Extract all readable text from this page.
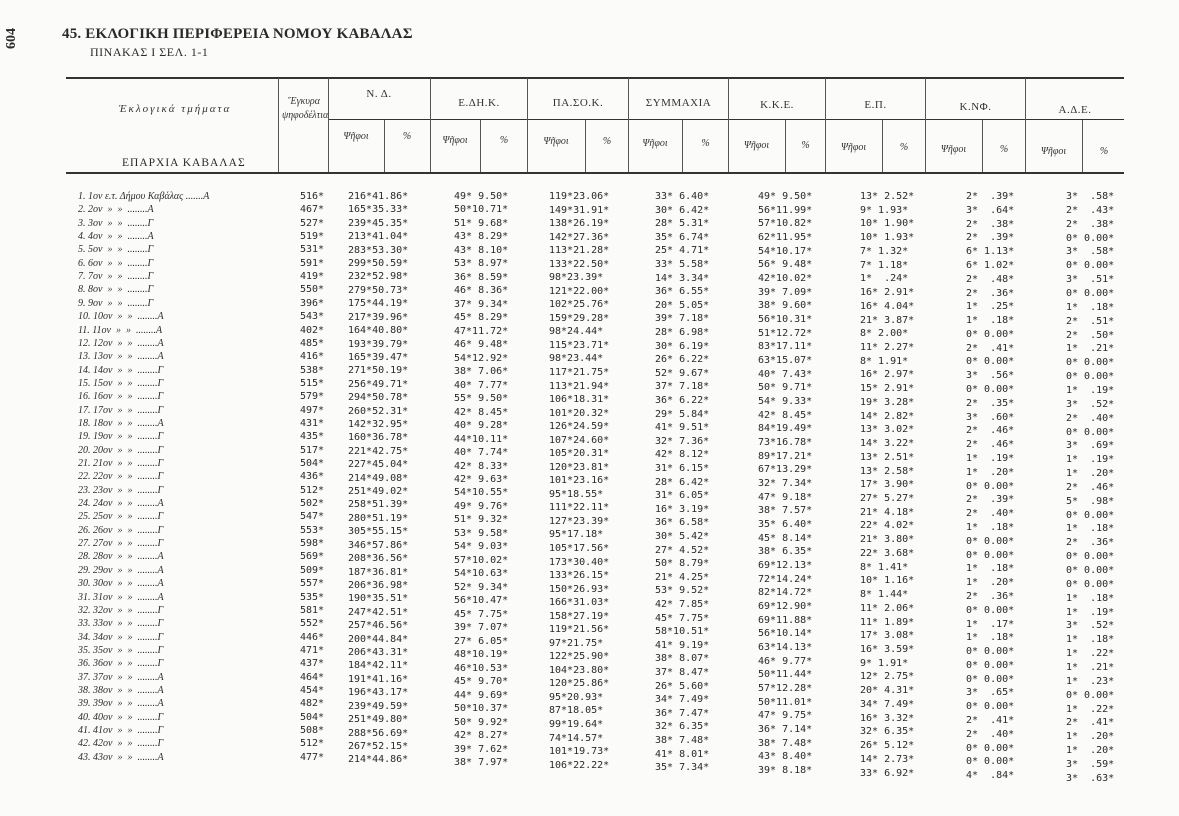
604	45. ΕΚΛΟΓΙΚΗ ΠΕΡΙΦΕΡΕΙΑ ΝΟΜΟΥ ΚΑΒΑΛΑΣ
ΠΙΝΑΚΑΣ Ι ΣΕΛ. 1-1
Ἐκλογικά τμήματα
Ἔγκυρα ψηφοδέλτια
Ν. Δ.
Ε.ΔΗ.Κ.	ΠΑ.ΣΟ.Κ.	ΣΥΜΜΑΧΙΑ	Κ.Κ.Ε.	Ε.Π.	Κ.ΝΦ.	Α.Δ.Ε.
Ψῆφοι	%	Ψῆφοι	%	Ψῆφοι	%	Ψῆφοι	%	Ψῆφοι	%	Ψῆφοι	%	Ψῆφοι	%	Ψῆφοι	%
ΕΠΑΡΧΙΑ ΚΑΒΑΛΑΣ
1. 1ον ε.τ. Δήμου Καβάλας .......Α	516* 216*41.86*	49* 9.50*	119*23.06*	33* 6.40*	49* 9.50*	13* 2.52*	2*  .39*	3*  .58*
2. 2ον  »  »  ........Α	467* 165*35.33*	50*10.71*	149*31.91*	30* 6.42*	56*11.99*	9* 1.93*	3*  .64*	2*  .43*
3. 3ον  »  »  ........Γ	527* 239*45.35*	51* 9.68*	138*26.19*	28* 5.31*	57*10.82*	10* 1.90*	2*  .38*	2*  .38*
4. 4ον  »  »  ........Α	519* 213*41.04*	43* 8.29*	142*27.36*	35* 6.74*	62*11.95*	10* 1.93*	2*  .39*	0* 0.00*
5. 5ον  »  »  ........Γ	531* 283*53.30*	43* 8.10*	113*21.28*	25* 4.71*	54*10.17*	7* 1.32*	6* 1.13*	3*  .58*
6. 6ον  »  »  ........Γ	591* 299*50.59*	53* 8.97*	133*22.50*	33* 5.58*	56* 9.48*	7* 1.18*	6* 1.02*	0* 0.00*
7. 7ον  »  »  ........Γ	419* 232*52.98*	36* 8.59*	98*23.39*	14* 3.34*	42*10.02*	1*  .24*	2*  .48*	3*  .51*
8. 8ον  »  »  ........Γ	550* 279*50.73*	46* 8.36*	121*22.00*	36* 6.55*	39* 7.09*	16* 2.91*	2*  .36*	0* 0.00*
9. 9ον  »  »  ........Γ	396* 175*44.19*	37* 9.34*	102*25.76*	20* 5.05*	38* 9.60*	16* 4.04*	1*  .25*	1*  .18*
10. 10ον  »  »  ........Α	543* 217*39.96*	45* 8.29*	159*29.28*	39* 7.18*	56*10.31*	21* 3.87*	1*  .18*	2*  .51*
11. 11ον  »  »  ........Α	402* 164*40.80*	47*11.72*	98*24.44*	28* 6.98*	51*12.72*	8* 2.00*	0* 0.00*	2*  .50*
12. 12ον  »  »  ........Α	485* 193*39.79*	46* 9.48*	115*23.71*	30* 6.19*	83*17.11*	11* 2.27*	2*  .41*	1*  .21*
13. 13ον  »  »  ........Α	416* 165*39.47*	54*12.92*	98*23.44*	26* 6.22*	63*15.07*	8* 1.91*	0* 0.00*	0* 0.00*
14. 14ον  »  »  ........Γ	538* 271*50.19*	38* 7.06*	117*21.75*	52* 9.67*	40* 7.43*	16* 2.97*	3*  .56*	0* 0.00*
15. 15ον  »  »  ........Γ	515* 256*49.71*	40* 7.77*	113*21.94*	37* 7.18*	50* 9.71*	15* 2.91*	0* 0.00*	1*  .19*
16. 16ον  »  »  ........Γ	579* 294*50.78*	55* 9.50*	106*18.31*	36* 6.22*	54* 9.33*	19* 3.28*	2*  .35*	3*  .52*
17. 17ον  »  »  ........Γ	497* 260*52.31*	42* 8.45*	101*20.32*	29* 5.84*	42* 8.45*	14* 2.82*	3*  .60*	2*  .40*
18. 18ον  »  »  ........Α	431* 142*32.95*	40* 9.28*	126*24.59*	41* 9.51*	84*19.49*	13* 3.02*	2*  .46*	0* 0.00*
19. 19ον  »  »  ........Γ	435* 160*36.78*	44*10.11*	107*24.60*	32* 7.36*	73*16.78*	14* 3.22*	2*  .46*	3*  .69*
20. 20ον  »  »  ........Γ	517* 221*42.75*	40* 7.74*	105*20.31*	42* 8.12*	89*17.21*	13* 2.51*	1*  .19*	1*  .19*
21. 21ον  »  »  ........Γ	504* 227*45.04*	42* 8.33*	120*23.81*	31* 6.15*	67*13.29*	13* 2.58*	1*  .20*	1*  .20*
22. 22ον  »  »  ........Γ	436* 214*49.08*	42* 9.63*	101*23.16*	28* 6.42*	32* 7.34*	17* 3.90*	0* 0.00*	2*  .46*
23. 23ον  »  »  ........Γ	512* 251*49.02*	54*10.55*	95*18.55*	31* 6.05*	47* 9.18*	27* 5.27*	2*  .39*	5*  .98*
24. 24ον  »  »  ........Α	502* 258*51.39*	49* 9.76*	111*22.11*	16* 3.19*	38* 7.57*	21* 4.18*	2*  .40*	0* 0.00*
25. 25ον  »  »  ........Γ	547* 280*51.19*	51* 9.32*	127*23.39*	36* 6.58*	35* 6.40*	22* 4.02*	1*  .18*	1*  .18*
26. 26ον  »  »  ........Γ	553* 305*55.15*	53* 9.58*	95*17.18*	30* 5.42*	45* 8.14*	21* 3.80*	0* 0.00*	2*  .36*
27. 27ον  »  »  ........Γ	598* 346*57.86*	54* 9.03*	105*17.56*	27* 4.52*	38* 6.35*	22* 3.68*	0* 0.00*	0* 0.00*
28. 28ον  »  »  ........Α	569* 208*36.56*	57*10.02*	173*30.40*	50* 8.79*	69*12.13*	8* 1.41*	1*  .18*	0* 0.00*
29. 29ον  »  »  ........Α	509* 187*36.81*	54*10.63*	133*26.15*	21* 4.25*	72*14.24*	10* 1.16*	1*  .20*	0* 0.00*
30. 30ον  »  »  ........Α	557* 206*36.98*	52* 9.34*	150*26.93*	53* 9.52*	82*14.72*	8* 1.44*	2*  .36*	1*  .18*
31. 31ον  »  »  ........Α	535* 190*35.51*	56*10.47*	166*31.03*	42* 7.85*	69*12.90*	11* 2.06*	0* 0.00*	1*  .19*
32. 32ον  »  »  ........Γ	581* 247*42.51*	45* 7.75*	158*27.19*	45* 7.75*	69*11.88*	11* 1.89*	1*  .17*	3*  .52*
33. 33ον  »  »  ........Γ	552* 257*46.56*	39* 7.07*	119*21.56*	58*10.51*	56*10.14*	17* 3.08*	1*  .18*	1*  .18*
34. 34ον  »  »  ........Γ	446* 200*44.84*	27* 6.05*	97*21.75*	41* 9.19*	63*14.13*	16* 3.59*	0* 0.00*	1*  .22*
35. 35ον  »  »  ........Γ	471* 206*43.31*	48*10.19*	122*25.90*	38* 8.07*	46* 9.77*	9* 1.91*	0* 0.00*	1*  .21*
36. 36ον  »  »  ........Γ	437* 184*42.11*	46*10.53*	104*23.80*	37* 8.47*	50*11.44*	12* 2.75*	0* 0.00*	1*  .23*
37. 37ον  »  »  ........Α	464* 191*41.16*	45* 9.70*	120*25.86*	26* 5.60*	57*12.28*	20* 4.31*	3*  .65*	0* 0.00*
38. 38ον  »  »  ........Α	454* 196*43.17*	44* 9.69*	95*20.93*	34* 7.49*	50*11.01*	34* 7.49*	0* 0.00*	1*  .22*
39. 39ον  »  »  ........Α	482* 239*49.59*	50*10.37*	87*18.05*	36* 7.47*	47* 9.75*	16* 3.32*	2*  .41*	2*  .41*
40. 40ον  »  »  ........Γ	504* 251*49.80*	50* 9.92*	99*19.64*	32* 6.35*	36* 7.14*	32* 6.35*	2*  .40*	1*  .20*
41. 41ον  »  »  ........Γ	508* 288*56.69*	42* 8.27*	74*14.57*	38* 7.48*	38* 7.48*	26* 5.12*	0* 0.00*	1*  .20*
42. 42ον  »  »  ........Γ	512* 267*52.15*	39* 7.62*	101*19.73*	41* 8.01*	43* 8.40*	14* 2.73*	0* 0.00*	3*  .59*
43. 43ον  »  »  ........Α	477* 214*44.86*	38* 7.97*	106*22.22*	35* 7.34*	39* 8.18*	33* 6.92*	4*  .84*	3*  .63*
